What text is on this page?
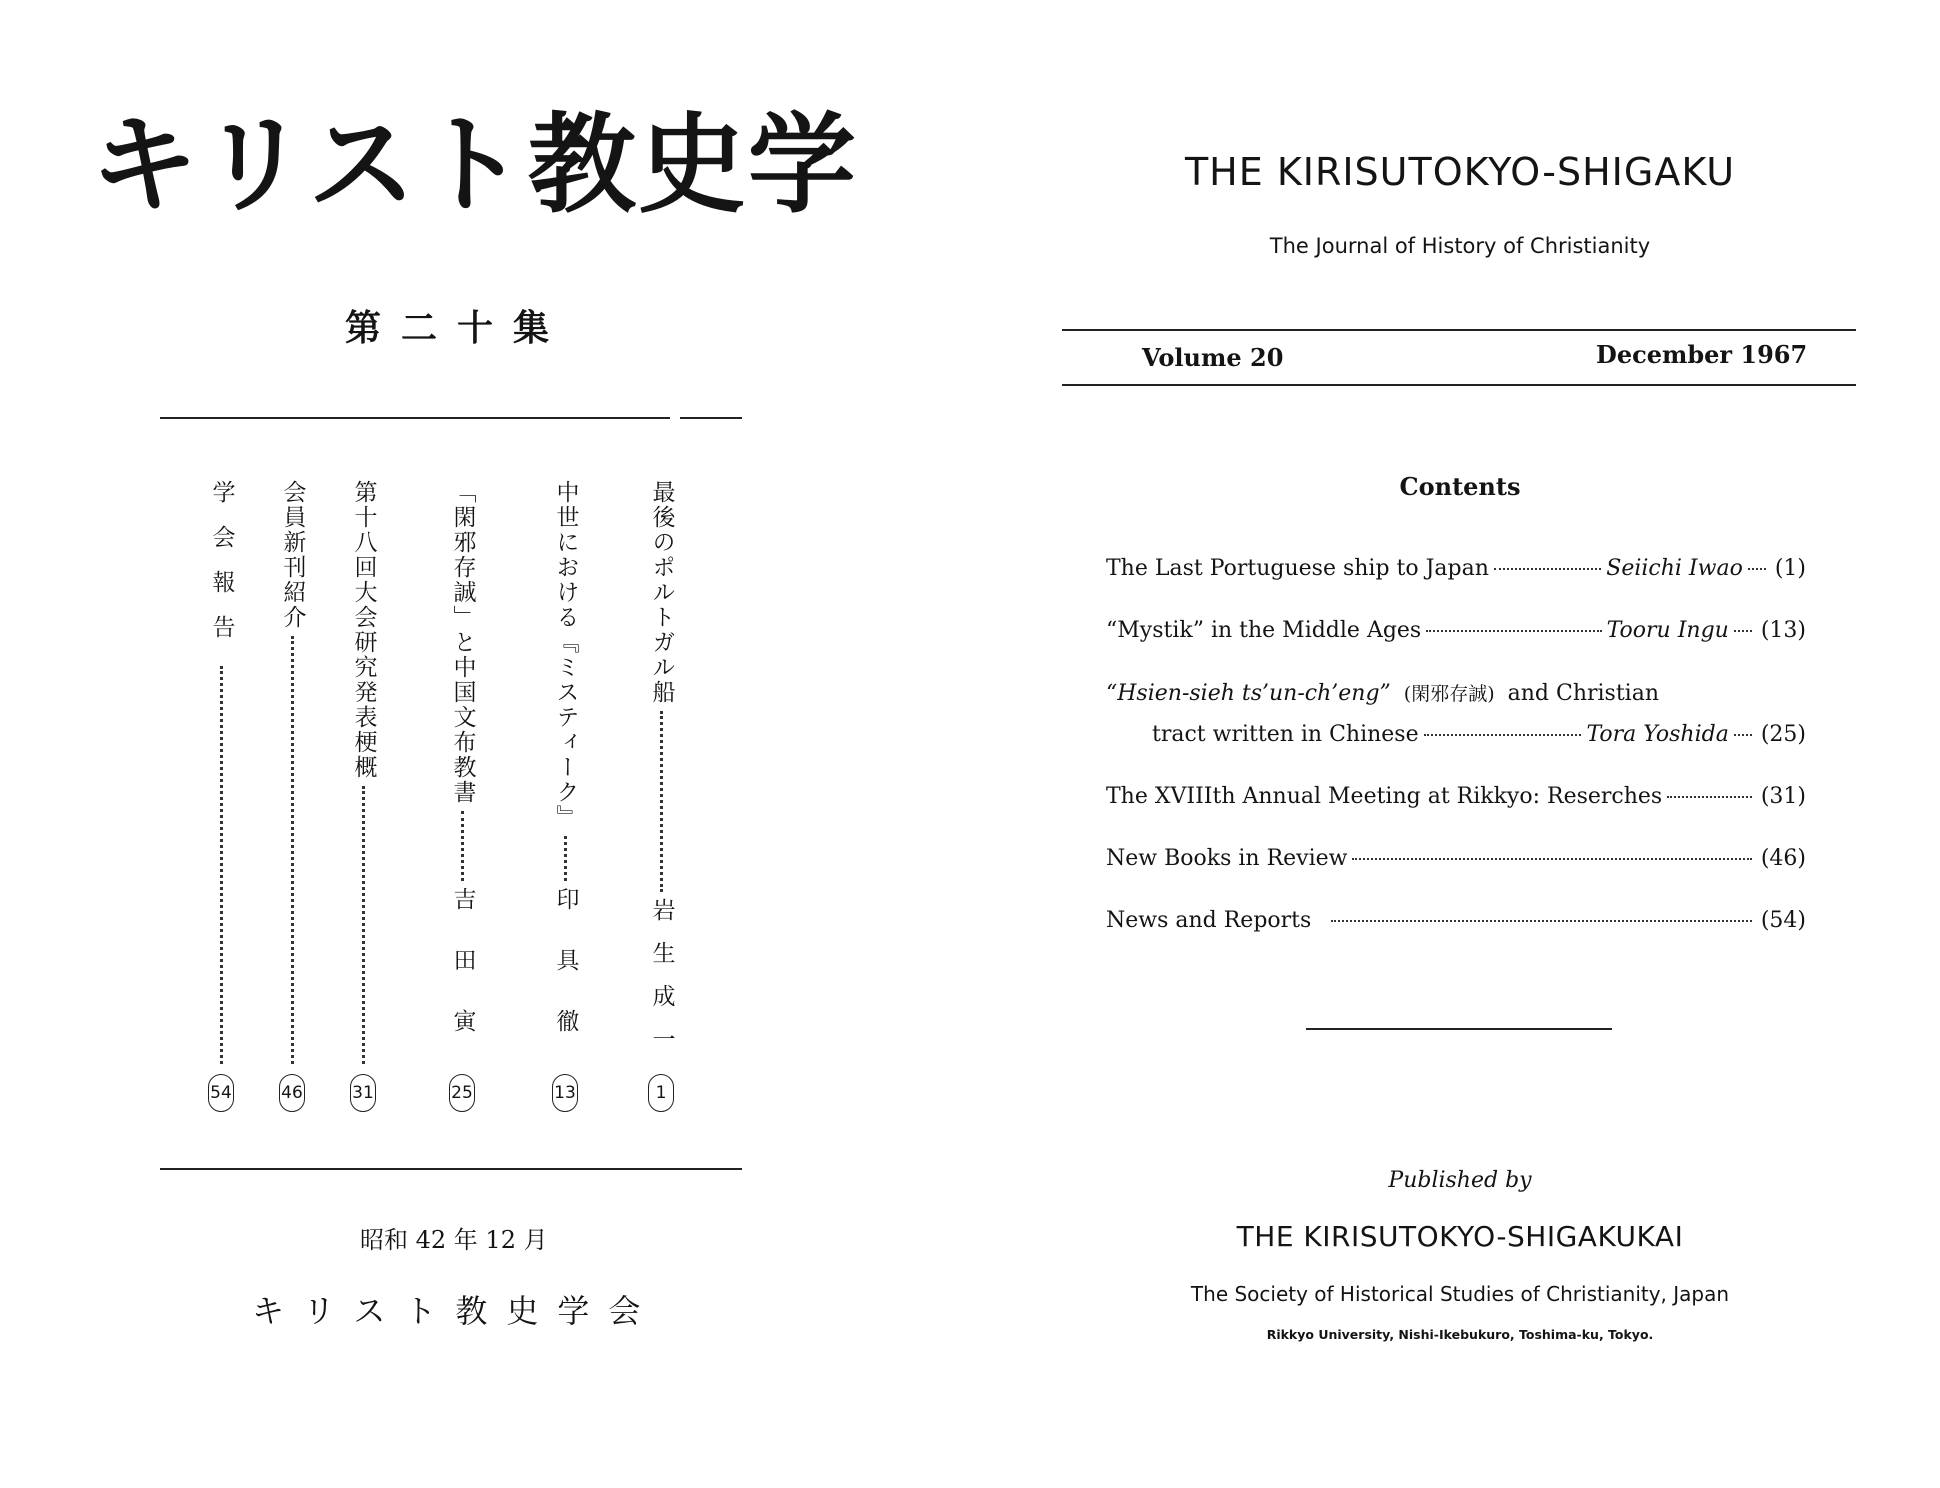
キリスト教史学
第二十集
最後のポルトガル船
岩生成一
1
中世における『ミスティーク』
印具徹
13
「閑邪存誠」と中国文布教書
吉田寅
25
第十八回大会研究発表梗概
31
会員新刊紹介
46
学会報告
54
昭和 42 年 12 月
キリスト教史学会
THE KIRISUTOKYO-SHIGAKU
The Journal of History of Christianity
Volume 20	December 1967
Contents
The Last Portuguese ship to Japan	Seiichi Iwao (1)
“Mystik” in the Middle Ages	Tooru Ingu (13)
“Hsien-sieh ts’un-ch’eng” (閑邪存誠) and Christian
tract written in Chinese	Tora Yoshida (25)
The XVIIIth Annual Meeting at Rikkyo: Reserches	(31)
New Books in Review	(46)
News and Reports	(54)
Published by
THE KIRISUTOKYO-SHIGAKUKAI
The Society of Historical Studies of Christianity, Japan
Rikkyo University, Nishi-Ikebukuro, Toshima-ku, Tokyo.
